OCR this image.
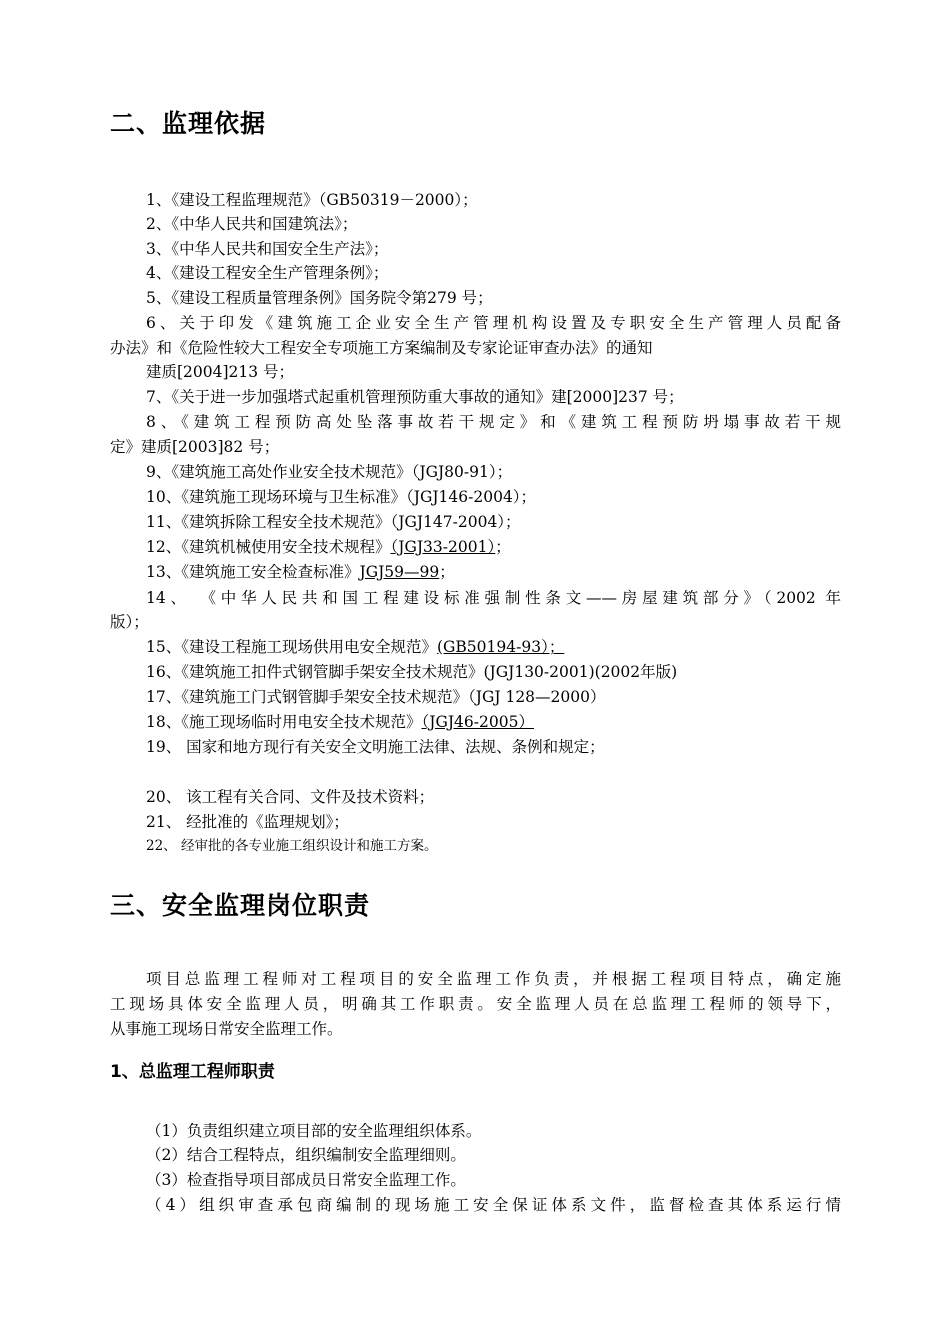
二、监理依据
1、《建设工程监理规范》（GB50319－2000）；
2、《中华人民共和国建筑法》；
3、《中华人民共和国安全生产法》；
4、《建设工程安全生产管理条例》；
5、《建设工程质量管理条例》国务院令第279 号；
6、关于印发《建筑施工企业安全生产管理机构设置及专职安全生产管理人员配备
办法》和《危险性较大工程安全专项施工方案编制及专家论证审查办法》的通知
建质[2004]213 号；
7、《关于进一步加强塔式起重机管理预防重大事故的通知》建[2000]237 号；
8、《建筑工程预防高处坠落事故若干规定》和《建筑工程预防坍塌事故若干规
定》建质[2003]82 号；
9、《建筑施工高处作业安全技术规范》（JGJ80-91）；
10、《建筑施工现场环境与卫生标准》（JGJ146-2004）；
11、《建筑拆除工程安全技术规范》（JGJ147-2004）；
12、《建筑机械使用安全技术规程》（JGJ33-2001）；
13、《建筑施工安全检查标准》JGJ59—99；
14、 《中华人民共和国工程建设标准强制性条文——房屋建筑部分》（2002 年
版）；
15、《建设工程施工现场供用电安全规范》(GB50194-93）；
16、《建筑施工扣件式钢管脚手架安全技术规范》(JGJ130-2001)(2002年版)
17、《建筑施工门式钢管脚手架安全技术规范》（JGJ 128—2000）
18、《施工现场临时用电安全技术规范》（JGJ46-2005）
19、 国家和地方现行有关安全文明施工法律、法规、条例和规定；
20、 该工程有关合同、文件及技术资料；
21、 经批准的《监理规划》；
22、 经审批的各专业施工组织设计和施工方案。
三、安全监理岗位职责
项目总监理工程师对工程项目的安全监理工作负责，并根据工程项目特点，确定施
工现场具体安全监理人员，明确其工作职责。安全监理人员在总监理工程师的领导下，
从事施工现场日常安全监理工作。
1、总监理工程师职责
（1）负责组织建立项目部的安全监理组织体系。
（2）结合工程特点，组织编制安全监理细则。
（3）检查指导项目部成员日常安全监理工作。
（4）组织审查承包商编制的现场施工安全保证体系文件，监督检查其体系运行情
